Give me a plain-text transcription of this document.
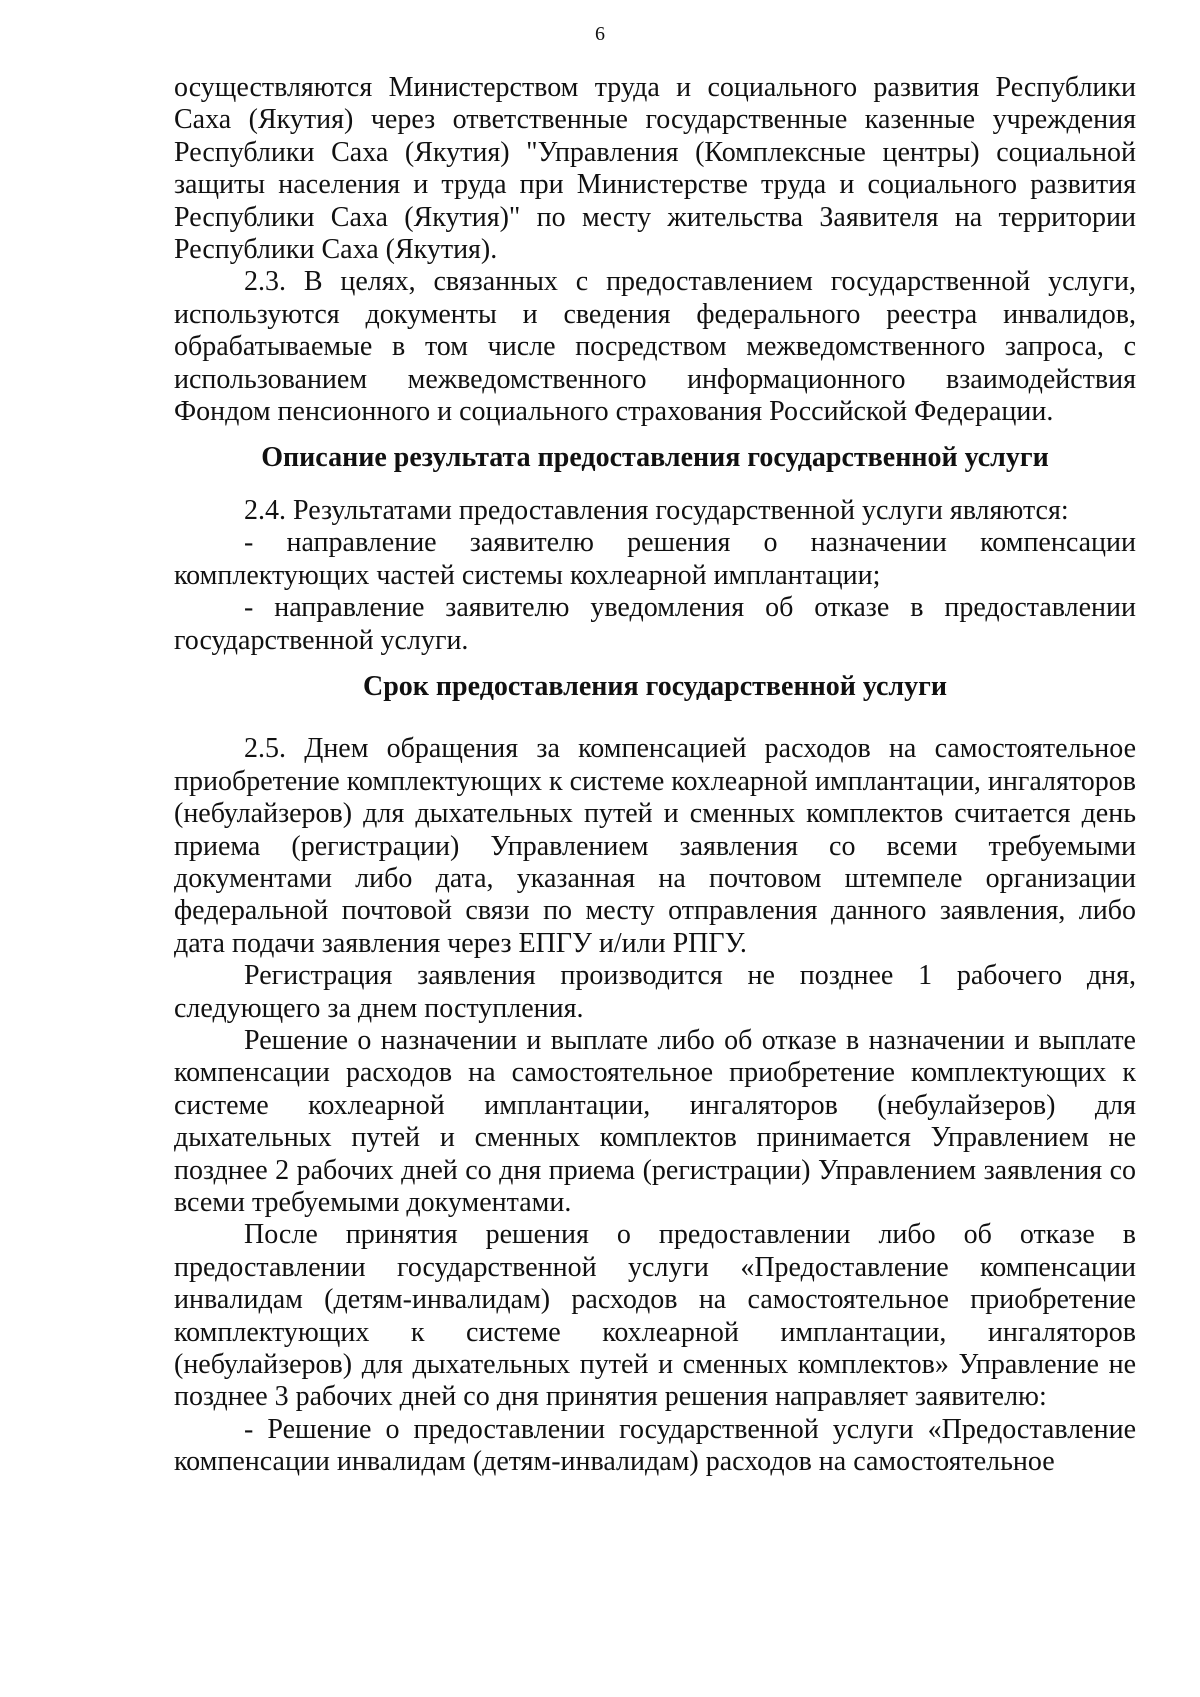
6

осуществляются Министерством труда и социального развития Республики Саха (Якутия) через ответственные государственные казенные учреждения Республики Саха (Якутия) "Управления (Комплексные центры) социальной защиты населения и труда при Министерстве труда и социального развития Республики Саха (Якутия)" по месту жительства Заявителя на территории Республики Саха (Якутия).

2.3. В целях, связанных с предоставлением государственной услуги, используются документы и сведения федерального реестра инвалидов, обрабатываемые в том числе посредством межведомственного запроса, с использованием межведомственного информационного взаимодействия Фондом пенсионного и социального страхования Российской Федерации.

Описание результата предоставления государственной услуги

2.4. Результатами предоставления государственной услуги являются:

- направление заявителю решения о назначении компенсации комплектующих частей системы кохлеарной имплантации;

- направление заявителю уведомления об отказе в предоставлении государственной услуги.

Срок предоставления государственной услуги

2.5. Днем обращения за компенсацией расходов на самостоятельное приобретение комплектующих к системе кохлеарной имплантации, ингаляторов (небулайзеров) для дыхательных путей и сменных комплектов считается день приема (регистрации) Управлением заявления со всеми требуемыми документами либо дата, указанная на почтовом штемпеле организации федеральной почтовой связи по месту отправления данного заявления, либо дата подачи заявления через ЕПГУ и/или РПГУ.

Регистрация заявления производится не позднее 1 рабочего дня, следующего за днем поступления.

Решение о назначении и выплате либо об отказе в назначении и выплате компенсации расходов на самостоятельное приобретение комплектующих к системе кохлеарной имплантации, ингаляторов (небулайзеров) для дыхательных путей и сменных комплектов принимается Управлением не позднее 2 рабочих дней со дня приема (регистрации) Управлением заявления со всеми требуемыми документами.

После принятия решения о предоставлении либо об отказе в предоставлении государственной услуги «Предоставление компенсации инвалидам (детям-инвалидам) расходов на самостоятельное приобретение комплектующих к системе кохлеарной имплантации, ингаляторов (небулайзеров) для дыхательных путей и сменных комплектов» Управление не позднее 3 рабочих дней со дня принятия решения направляет заявителю:

- Решение о предоставлении государственной услуги «Предоставление компенсации инвалидам (детям-инвалидам) расходов на самостоятельное
